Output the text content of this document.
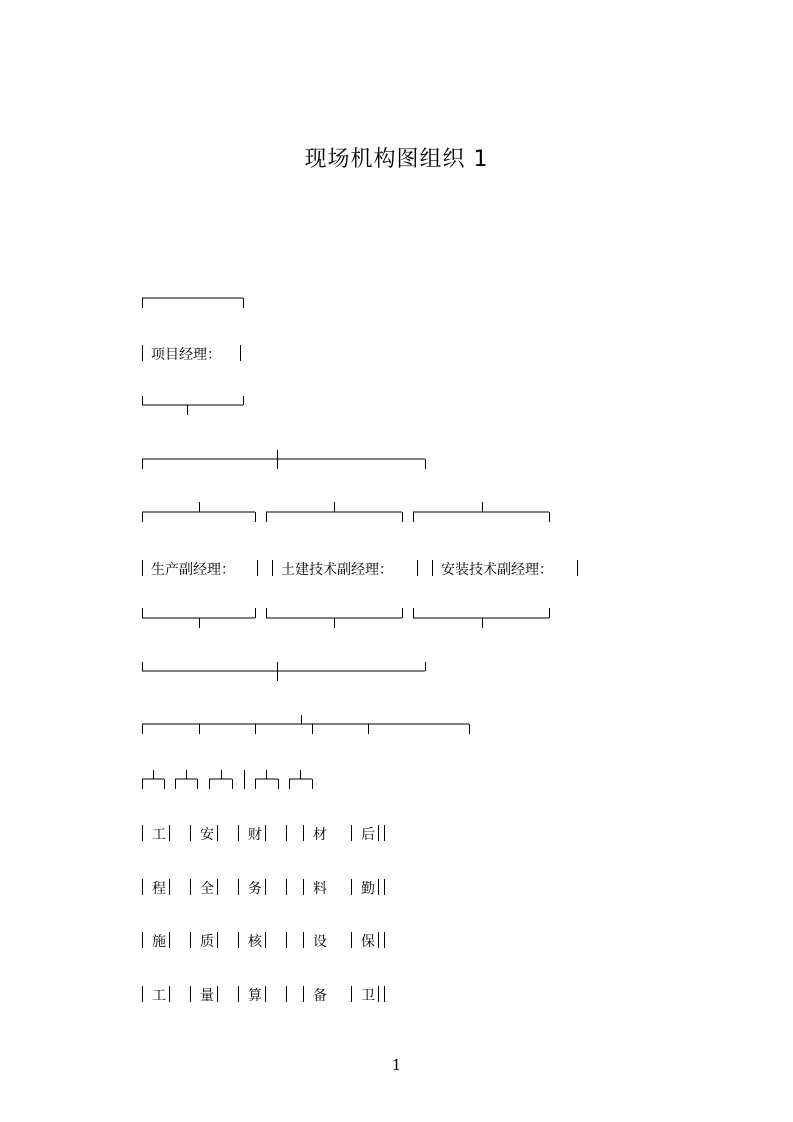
现场机构图组织 1
项目经理：
生产副经理：	土建技术副经理：	安装技术副经理：
工 安 财	材 后
程 全 务	料 勤
施 质 核	设 保
工 量 算	备 卫
1
